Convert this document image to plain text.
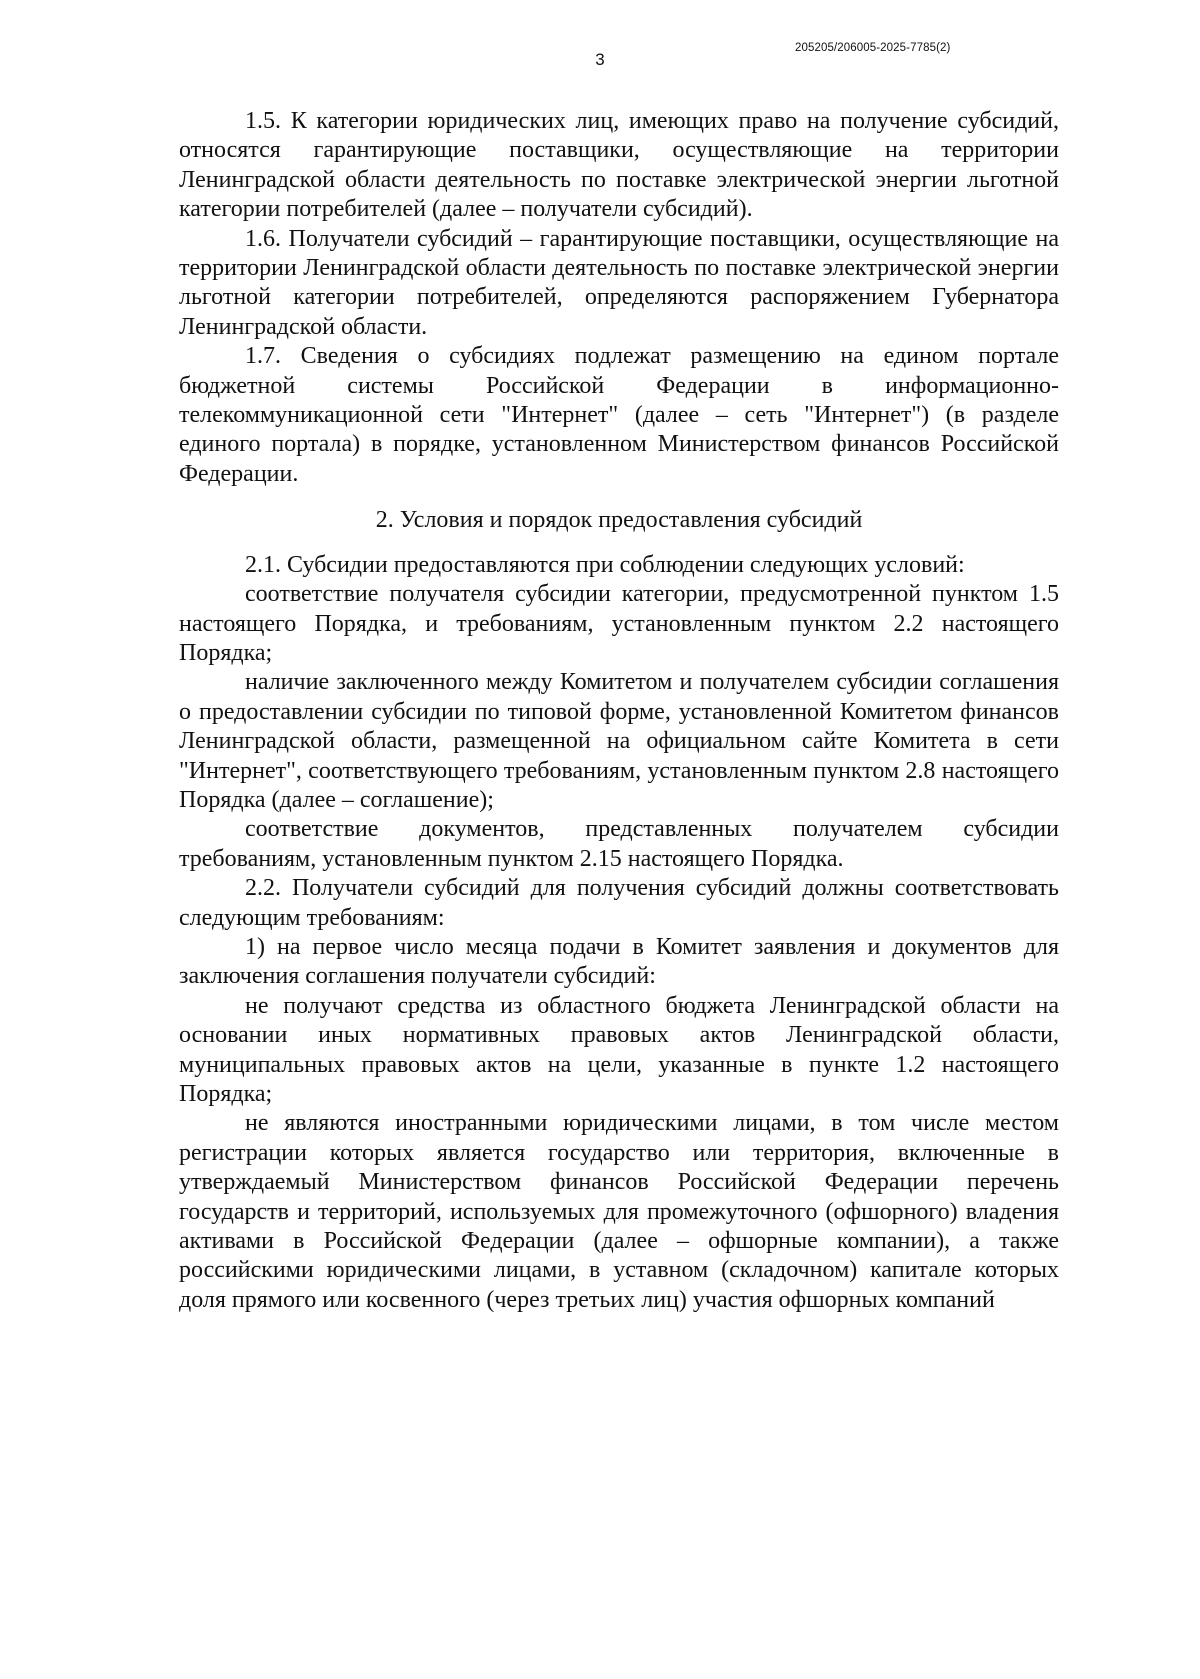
3
205205/206005-2025-7785(2)

1.5. К категории юридических лиц, имеющих право на получение субсидий, относятся гарантирующие поставщики, осуществляющие на территории Ленинградской области деятельность по поставке электрической энергии льготной категории потребителей (далее – получатели субсидий).

1.6. Получатели субсидий – гарантирующие поставщики, осуществляющие на территории Ленинградской области деятельность по поставке электрической энергии льготной категории потребителей, определяются распоряжением Губернатора Ленинградской области.

1.7. Сведения о субсидиях подлежат размещению на едином портале бюджетной системы Российской Федерации в информационно-телекоммуникационной сети "Интернет" (далее – сеть "Интернет") (в разделе единого портала) в порядке, установленном Министерством финансов Российской Федерации.

2. Условия и порядок предоставления субсидий

2.1. Субсидии предоставляются при соблюдении следующих условий:

соответствие получателя субсидии категории, предусмотренной пунктом 1.5 настоящего Порядка, и требованиям, установленным пунктом 2.2 настоящего Порядка;

наличие заключенного между Комитетом и получателем субсидии соглашения о предоставлении субсидии по типовой форме, установленной Комитетом финансов Ленинградской области, размещенной на официальном сайте Комитета в сети "Интернет", соответствующего требованиям, установленным пунктом 2.8 настоящего Порядка (далее – соглашение);

соответствие документов, представленных получателем субсидии требованиям, установленным пунктом 2.15 настоящего Порядка.

2.2. Получатели субсидий для получения субсидий должны соответствовать следующим требованиям:

1) на первое число месяца подачи в Комитет заявления и документов для заключения соглашения получатели субсидий:

не получают средства из областного бюджета Ленинградской области на основании иных нормативных правовых актов Ленинградской области, муниципальных правовых актов на цели, указанные в пункте 1.2 настоящего Порядка;

не являются иностранными юридическими лицами, в том числе местом регистрации которых является государство или территория, включенные в утверждаемый Министерством финансов Российской Федерации перечень государств и территорий, используемых для промежуточного (офшорного) владения активами в Российской Федерации (далее – офшорные компании), а также российскими юридическими лицами, в уставном (складочном) капитале которых доля прямого или косвенного (через третьих лиц) участия офшорных компаний
